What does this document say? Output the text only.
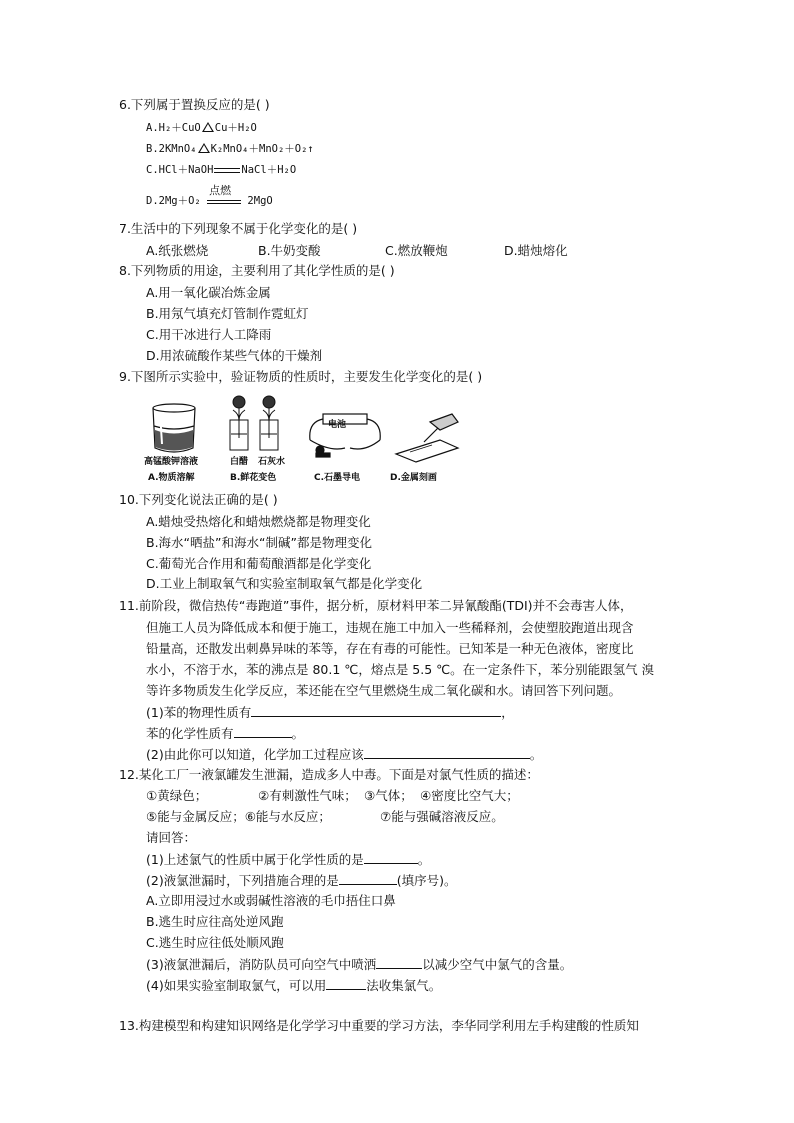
6.下列属于置换反应的是( )
A.H₂＋CuO Cu＋H₂O
B.2KMnO₄ K₂MnO₄＋MnO₂＋O₂↑
C.HCl＋NaOH	NaCl＋H₂O
D.2Mg＋O₂
点燃
2MgO
7.生活中的下列现象不属于化学变化的是( )
A.纸张燃烧	B.牛奶变酸	C.燃放鞭炮	D.蜡烛熔化
8.下列物质的用途，主要利用了其化学性质的是( )
A.用一氧化碳冶炼金属
B.用氖气填充灯管制作霓虹灯
C.用干冰进行人工降雨
D.用浓硫酸作某些气体的干燥剂
9.下图所示实验中，验证物质的性质时，主要发生化学变化的是( )
高锰酸钾溶液	白醋 石灰水
电池
A.物质溶解	B.鲜花变色	C.石墨导电	D.金属刻画
10.下列变化说法正确的是( )
A.蜡烛受热熔化和蜡烛燃烧都是物理变化
B.海水“晒盐”和海水“制碱”都是物理变化
C.葡萄光合作用和葡萄酿酒都是化学变化
D.工业上制取氧气和实验室制取氧气都是化学变化
11.前阶段，微信热传“毒跑道”事件，据分析，原材料甲苯二异氰酸酯(TDI)并不会毒害人体，
但施工人员为降低成本和便于施工，违规在施工中加入一些稀释剂，会使塑胶跑道出现含
铅量高，还散发出刺鼻异味的苯等，存在有毒的可能性。已知苯是一种无色液体，密度比
水小，不溶于水，苯的沸点是 80.1 ℃，熔点是 5.5 ℃。在一定条件下，苯分别能跟氢气 溴
等许多物质发生化学反应，苯还能在空气里燃烧生成二氧化碳和水。请回答下列问题。
(1)苯的物理性质有	，
苯的化学性质有	。
(2)由此你可以知道，化学加工过程应该	。
12.某化工厂一液氯罐发生泄漏，造成多人中毒。下面是对氯气性质的描述：
①黄绿色；	②有刺激性气味； ③气体； ④密度比空气大；
⑤能与金属反应；⑥能与水反应；	⑦能与强碱溶液反应。
请回答：
(1)上述氯气的性质中属于化学性质的是	。
(2)液氯泄漏时，下列措施合理的是	(填序号)。
A.立即用浸过水或弱碱性溶液的毛巾捂住口鼻
B.逃生时应往高处逆风跑
C.逃生时应往低处顺风跑
(3)液氯泄漏后，消防队员可向空气中喷洒	以减少空气中氯气的含量。
(4)如果实验室制取氯气，可以用	法收集氯气。
13.构建模型和构建知识网络是化学学习中重要的学习方法，李华同学利用左手构建酸的性质知
